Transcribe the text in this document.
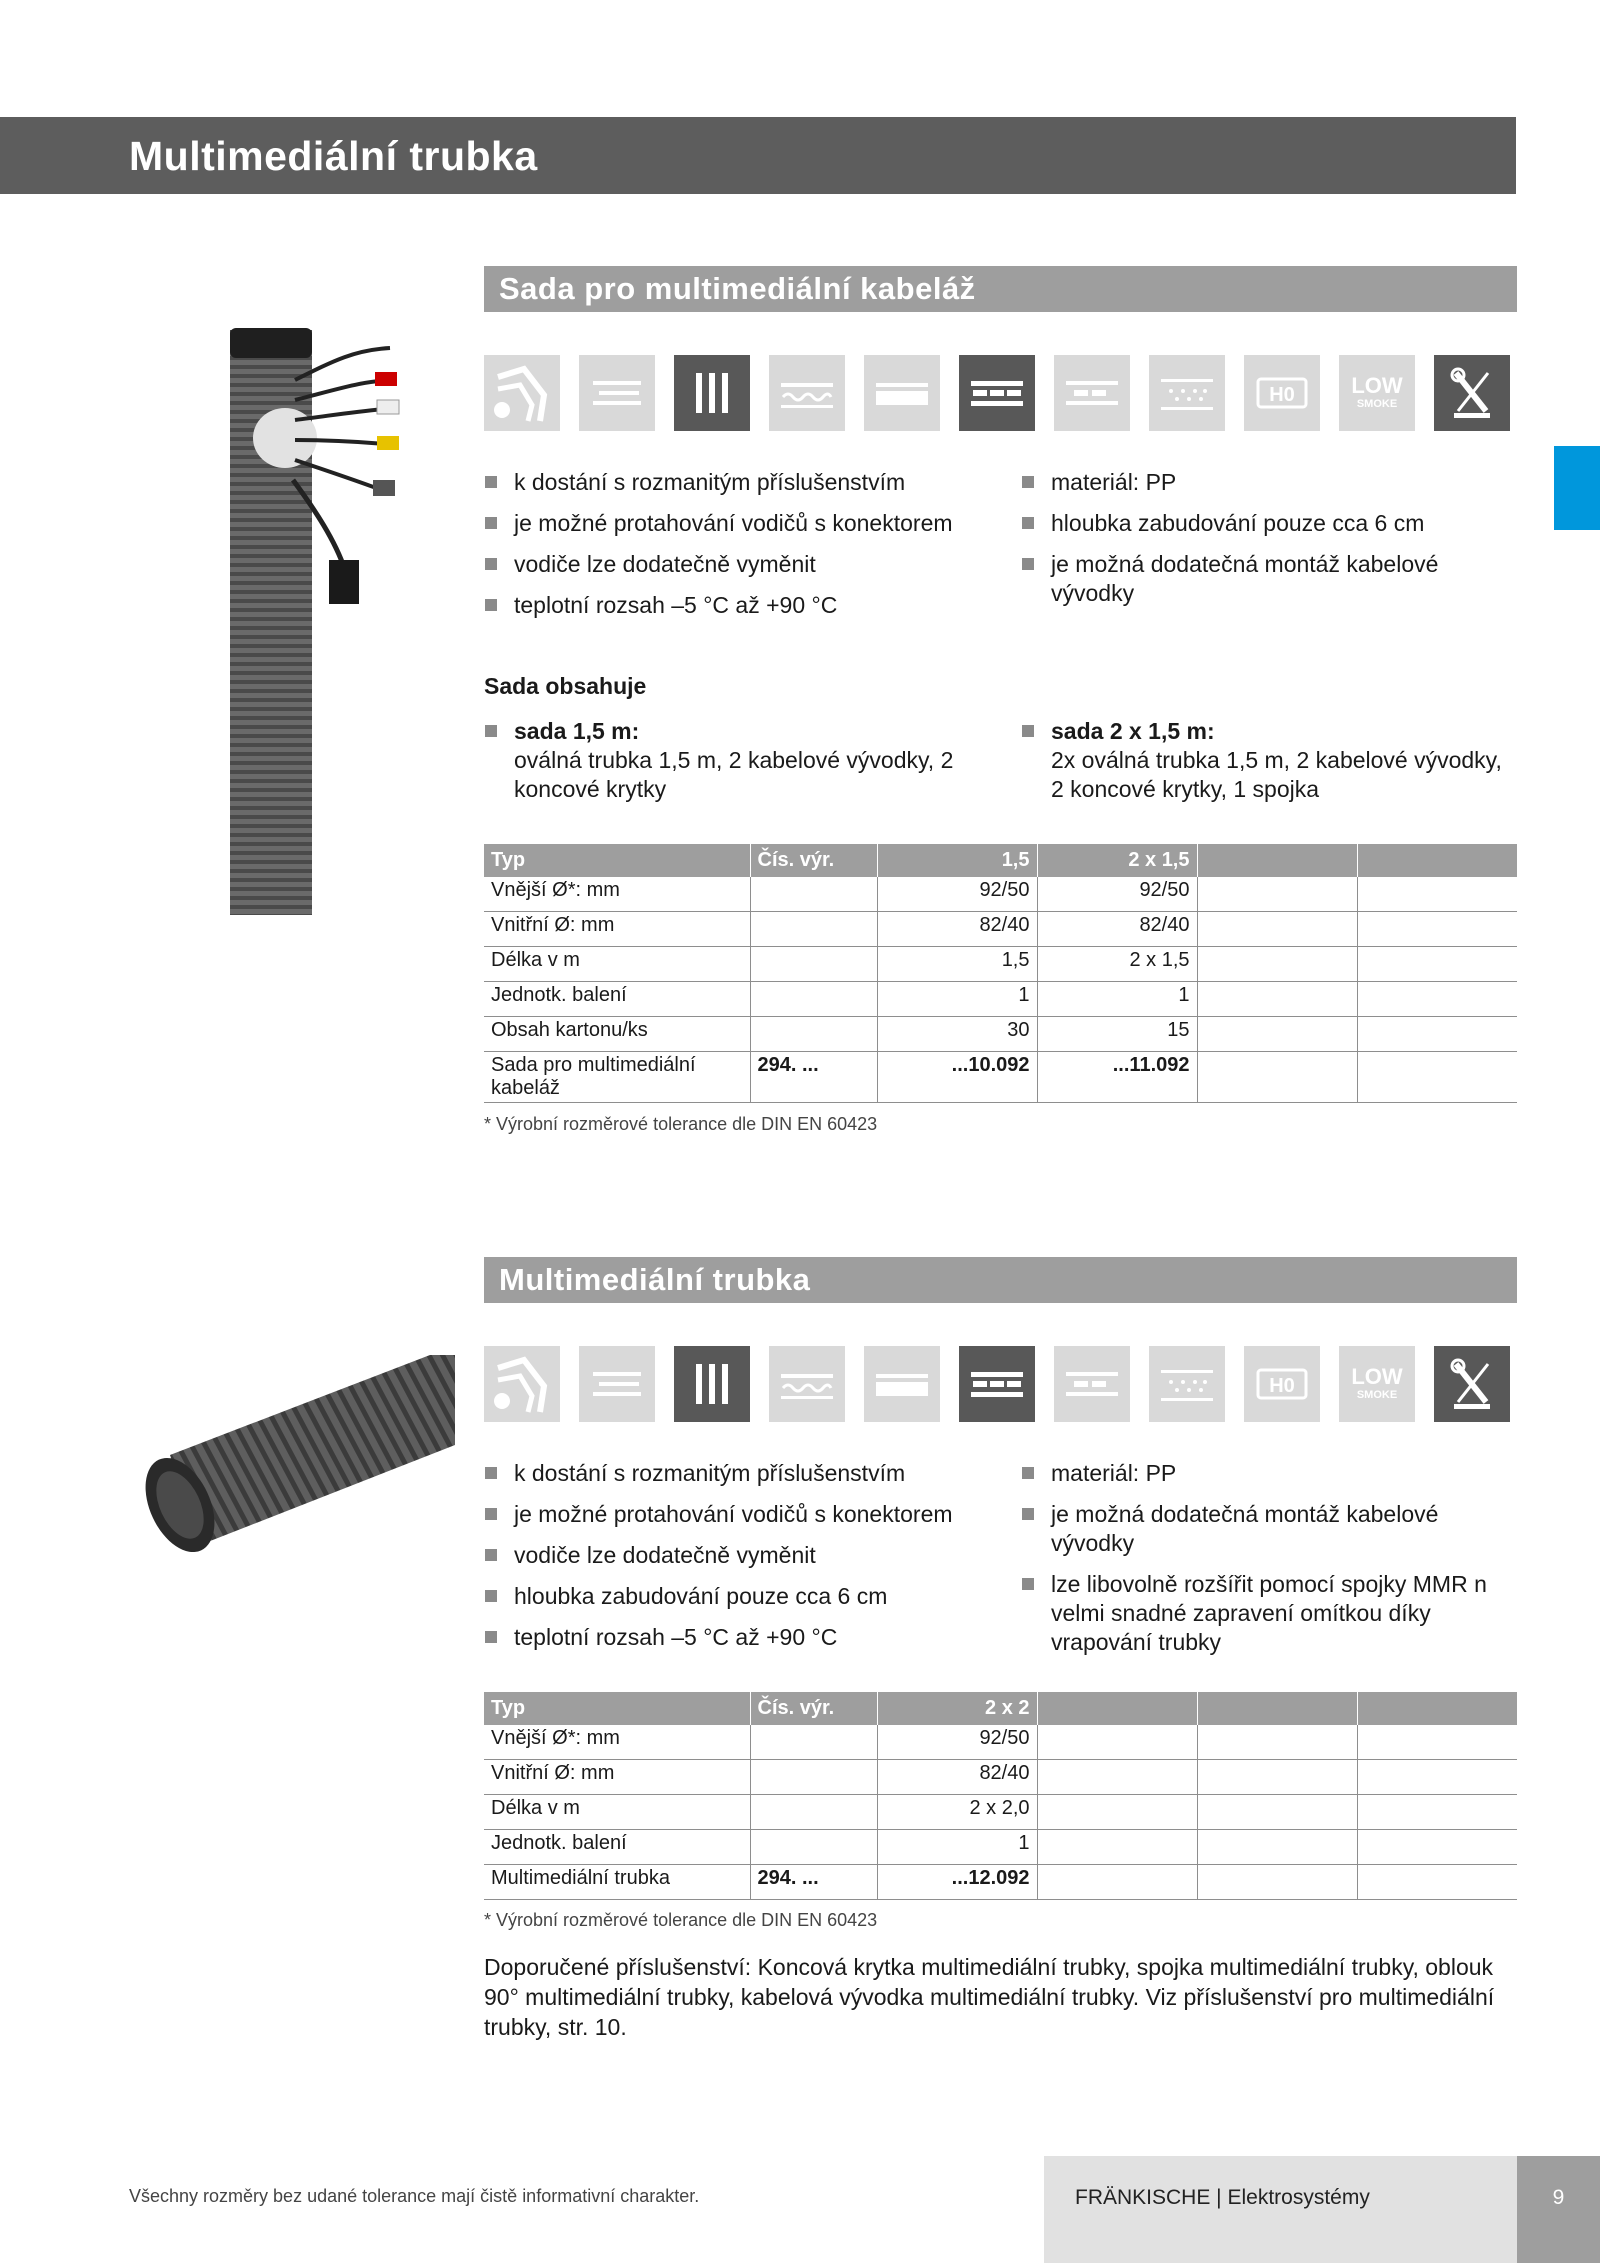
Multimediální trubka
Sada pro multimediální kabeláž
H0	LOW
SMOKE
k dostání s rozmanitým příslušenstvím
je možné protahování vodičů s konektorem
vodiče lze dodatečně vyměnit
teplotní rozsah –5 °C až +90 °C
materiál: PP
hloubka zabudování pouze cca 6 cm
je možná dodatečná montáž kabelové vývodky
Sada obsahuje
sada 1,5 m:
oválná trubka 1,5 m, 2 kabelové vývodky, 2 koncové krytky
sada 2 x 1,5 m:
2x oválná trubka 1,5 m, 2 kabelové vývodky, 2 koncové krytky, 1 spojka
Typ	Čís. výr.	1,5	2 x 1,5		
Vnější Ø*: mm		92/50	92/50		
Vnitřní Ø: mm		82/40	82/40		
Délka v m		1,5	2 x 1,5		
Jednotk. balení		1	1		
Obsah kartonu/ks		30	15		
Sada pro multimediální kabeláž	294. ...	...10.092	...11.092		
* Výrobní rozměrové tolerance dle DIN EN 60423
Multimediální trubka
H0	LOW
SMOKE
k dostání s rozmanitým příslušenstvím
je možné protahování vodičů s konektorem
vodiče lze dodatečně vyměnit
hloubka zabudování pouze cca 6 cm
teplotní rozsah –5 °C až +90 °C
materiál: PP
je možná dodatečná montáž kabelové vývodky
lze libovolně rozšířit pomocí spojky MMR n velmi snadné zapravení omítkou díky vrapování trubky
Typ	Čís. výr.	2 x 2			
Vnější Ø*: mm		92/50			
Vnitřní Ø: mm		82/40			
Délka v m		2 x 2,0			
Jednotk. balení		1			
Multimediální trubka	294. ...	...12.092			
* Výrobní rozměrové tolerance dle DIN EN 60423
Doporučené příslušenství: Koncová krytka multimediální trubky, spojka multimediální trubky, oblouk 90° multimediální trubky, kabelová vývodka multimediální trubky. Viz příslušenství pro multimediální trubky, str. 10.
Všechny rozměry bez udané tolerance mají čistě informativní charakter.	FRÄNKISCHE | Elektrosystémy	9
